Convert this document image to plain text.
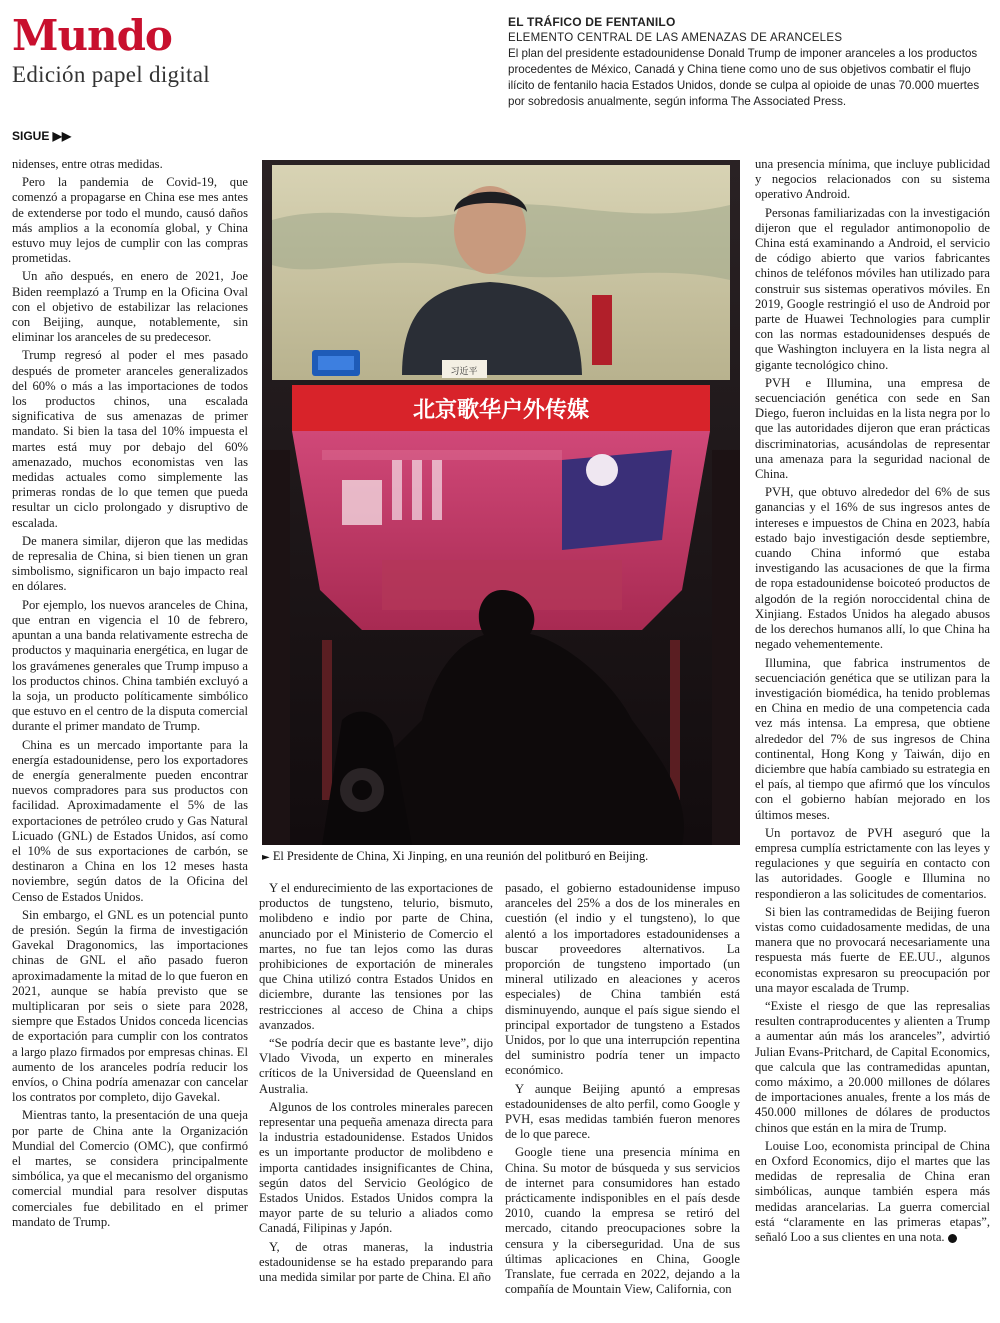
Mundo
Edición papel digital
EL TRÁFICO DE FENTANILO
ELEMENTO CENTRAL DE LAS AMENAZAS DE ARANCELES
El plan del presidente estadounidense Donald Trump de imponer aranceles a los productos procedentes de México, Canadá y China tiene como uno de sus objetivos combatir el flujo ilícito de fentanilo hacia Estados Unidos, donde se culpa al opioide de unas 70.000 muertes por sobredosis anualmente, según informa The Associated Press.
SIGUE ▶▶

nidenses, entre otras medidas.

Pero la pandemia de Covid-19, que comenzó a propagarse en China ese mes antes de extenderse por todo el mundo, causó daños más amplios a la economía global, y China estuvo muy lejos de cumplir con las compras prometidas.

Un año después, en enero de 2021, Joe Biden reemplazó a Trump en la Oficina Oval con el objetivo de estabilizar las relaciones con Beijing, aunque, notablemente, sin eliminar los aranceles de su predecesor.

Trump regresó al poder el mes pasado después de prometer aranceles generalizados del 60% o más a las importaciones de todos los productos chinos, una escalada significativa de sus amenazas de primer mandato. Si bien la tasa del 10% impuesta el martes está muy por debajo del 60% amenazado, muchos economistas ven las medidas actuales como simplemente las primeras rondas de lo que temen que pueda resultar un ciclo prolongado y disruptivo de escalada.

De manera similar, dijeron que las medidas de represalia de China, si bien tienen un gran simbolismo, significaron un bajo impacto real en dólares.

Por ejemplo, los nuevos aranceles de China, que entran en vigencia el 10 de febrero, apuntan a una banda relativamente estrecha de productos y maquinaria energética, en lugar de los gravámenes generales que Trump impuso a los productos chinos. China también excluyó a la soja, un producto políticamente simbólico que estuvo en el centro de la disputa comercial durante el primer mandato de Trump.

China es un mercado importante para la energía estadounidense, pero los exportadores de energía generalmente pueden encontrar nuevos compradores para sus productos con facilidad. Aproximadamente el 5% de las exportaciones de petróleo crudo y Gas Natural Licuado (GNL) de Estados Unidos, así como el 10% de sus exportaciones de carbón, se destinaron a China en los 12 meses hasta noviembre, según datos de la Oficina del Censo de Estados Unidos.

Sin embargo, el GNL es un potencial punto de presión. Según la firma de investigación Gavekal Dragonomics, las importaciones chinas de GNL el año pasado fueron aproximadamente la mitad de lo que fueron en 2021, aunque se había previsto que se multiplicaran por seis o siete para 2028, siempre que Estados Unidos conceda licencias de exportación para cumplir con los contratos a largo plazo firmados por empresas chinas. El aumento de los aranceles podría reducir los envíos, o China podría amenazar con cancelar los contratos por completo, dijo Gavekal.

Mientras tanto, la presentación de una queja por parte de China ante la Organización Mundial del Comercio (OMC), que confirmó el martes, se considera principalmente simbólica, ya que el mecanismo del organismo comercial mundial para resolver disputas comerciales fue debilitado en el primer mandato de Trump.

习近平
北京歌华户外传媒
► El Presidente de China, Xi Jinping, en una reunión del politburó en Beijing.

Y el endurecimiento de las exportaciones de productos de tungsteno, telurio, bismuto, molibdeno e indio por parte de China, anunciado por el Ministerio de Comercio el martes, no fue tan lejos como las duras prohibiciones de exportación de minerales que China utilizó contra Estados Unidos en diciembre, durante las tensiones por las restricciones al acceso de China a chips avanzados.

“Se podría decir que es bastante leve”, dijo Vlado Vivoda, un experto en minerales críticos de la Universidad de Queensland en Australia.

Algunos de los controles minerales parecen representar una pequeña amenaza directa para la industria estadounidense. Estados Unidos es un importante productor de molibdeno e importa cantidades insignificantes de China, según datos del Servicio Geológico de Estados Unidos. Estados Unidos compra la mayor parte de su telurio a aliados como Canadá, Filipinas y Japón.

Y, de otras maneras, la industria estadounidense se ha estado preparando para una medida similar por parte de China. El año

pasado, el gobierno estadounidense impuso aranceles del 25% a dos de los minerales en cuestión (el indio y el tungsteno), lo que alentó a los importadores estadounidenses a buscar proveedores alternativos. La proporción de tungsteno importado (un mineral utilizado en aleaciones y aceros especiales) de China también está disminuyendo, aunque el país sigue siendo el principal exportador de tungsteno a Estados Unidos, por lo que una interrupción repentina del suministro podría tener un impacto económico.

Y aunque Beijing apuntó a empresas estadounidenses de alto perfil, como Google y PVH, esas medidas también fueron menores de lo que parece.

Google tiene una presencia mínima en China. Su motor de búsqueda y sus servicios de internet para consumidores han estado prácticamente indisponibles en el país desde 2010, cuando la empresa se retiró del mercado, citando preocupaciones sobre la censura y la ciberseguridad. Una de sus últimas aplicaciones en China, Google Translate, fue cerrada en 2022, dejando a la compañía de Mountain View, California, con

una presencia mínima, que incluye publicidad y negocios relacionados con su sistema operativo Android.

Personas familiarizadas con la investigación dijeron que el regulador antimonopolio de China está examinando a Android, el servicio de código abierto que varios fabricantes chinos de teléfonos móviles han utilizado para construir sus sistemas operativos móviles. En 2019, Google restringió el uso de Android por parte de Huawei Technologies para cumplir con las normas estadounidenses después de que Washington incluyera en la lista negra al gigante tecnológico chino.

PVH e Illumina, una empresa de secuenciación genética con sede en San Diego, fueron incluidas en la lista negra por lo que las autoridades dijeron que eran prácticas discriminatorias, acusándolas de representar una amenaza para la seguridad nacional de China.

PVH, que obtuvo alrededor del 6% de sus ganancias y el 16% de sus ingresos antes de intereses e impuestos de China en 2023, había estado bajo investigación desde septiembre, cuando China informó que estaba investigando las acusaciones de que la firma de ropa estadounidense boicoteó productos de algodón de la región noroccidental china de Xinjiang. Estados Unidos ha alegado abusos de los derechos humanos allí, lo que China ha negado vehementemente.

Illumina, que fabrica instrumentos de secuenciación genética que se utilizan para la investigación biomédica, ha tenido problemas en China en medio de una competencia cada vez más intensa. La empresa, que obtiene alrededor del 7% de sus ingresos de China continental, Hong Kong y Taiwán, dijo en diciembre que había cambiado su estrategia en el país, al tiempo que afirmó que los vínculos con el gobierno habían mejorado en los últimos meses.

Un portavoz de PVH aseguró que la empresa cumplía estrictamente con las leyes y regulaciones y que seguiría en contacto con las autoridades. Google e Illumina no respondieron a las solicitudes de comentarios.

Si bien las contramedidas de Beijing fueron vistas como cuidadosamente medidas, de una manera que no provocará necesariamente una respuesta más fuerte de EE.UU., algunos economistas expresaron su preocupación por una mayor escalada de Trump.

“Existe el riesgo de que las represalias resulten contraproducentes y alienten a Trump a aumentar aún más los aranceles”, advirtió Julian Evans-Pritchard, de Capital Economics, que calcula que las contramedidas apuntan, como máximo, a 20.000 millones de dólares de importaciones anuales, frente a los más de 450.000 millones de dólares de productos chinos que están en la mira de Trump.

Louise Loo, economista principal de China en Oxford Economics, dijo el martes que las medidas de represalia de China eran simbólicas, aunque también espera más medidas arancelarias. La guerra comercial está “claramente en las primeras etapas”, señaló Loo a sus clientes en una nota.
